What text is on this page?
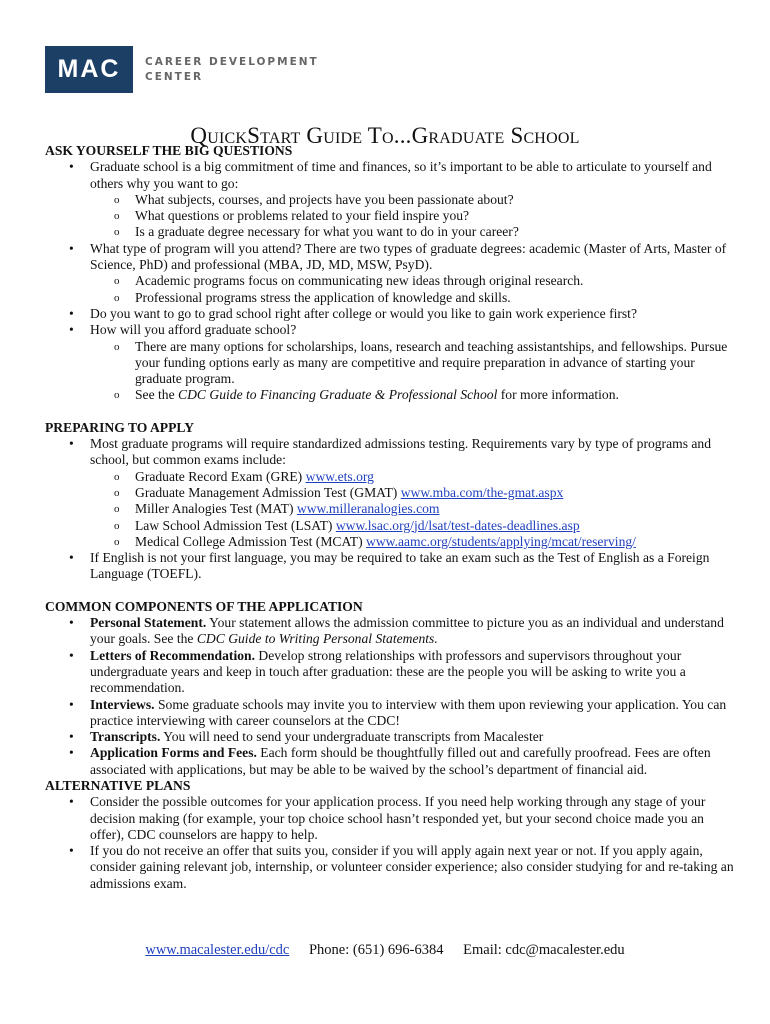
MAC	CAREER DEVELOPMENT
CENTER
QuickStart Guide To...Graduate School

ASK YOURSELF THE BIG QUESTIONS

• Graduate school is a big commitment of time and finances, so it’s important to be able to articulate to yourself and others why you want to go:
o What subjects, courses, and projects have you been passionate about?
o What questions or problems related to your field inspire you?
o Is a graduate degree necessary for what you want to do in your career?
• What type of program will you attend? There are two types of graduate degrees: academic (Master of Arts, Master of Science, PhD) and professional (MBA, JD, MD, MSW, PsyD).
o Academic programs focus on communicating new ideas through original research.
o Professional programs stress the application of knowledge and skills.
• Do you want to go to grad school right after college or would you like to gain work experience first?
• How will you afford graduate school?
o There are many options for scholarships, loans, research and teaching assistantships, and fellowships. Pursue your funding options early as many are competitive and require preparation in advance of starting your graduate program.
o See the CDC Guide to Financing Graduate & Professional School for more information.

PREPARING TO APPLY

• Most graduate programs will require standardized admissions testing. Requirements vary by type of programs and school, but common exams include:
o Graduate Record Exam (GRE) www.ets.org
o Graduate Management Admission Test (GMAT) www.mba.com/the-gmat.aspx
o Miller Analogies Test (MAT) www.milleranalogies.com
o Law School Admission Test (LSAT) www.lsac.org/jd/lsat/test-dates-deadlines.asp
o Medical College Admission Test (MCAT) www.aamc.org/students/applying/mcat/reserving/
• If English is not your first language, you may be required to take an exam such as the Test of English as a Foreign Language (TOEFL).

COMMON COMPONENTS OF THE APPLICATION

• Personal Statement. Your statement allows the admission committee to picture you as an individual and understand your goals. See the CDC Guide to Writing Personal Statements.
• Letters of Recommendation. Develop strong relationships with professors and supervisors throughout your undergraduate years and keep in touch after graduation: these are the people you will be asking to write you a recommendation.
• Interviews. Some graduate schools may invite you to interview with them upon reviewing your application. You can practice interviewing with career counselors at the CDC!
• Transcripts. You will need to send your undergraduate transcripts from Macalester
• Application Forms and Fees. Each form should be thoughtfully filled out and carefully proofread. Fees are often associated with applications, but may be able to be waived by the school’s department of financial aid.

ALTERNATIVE PLANS

• Consider the possible outcomes for your application process. If you need help working through any stage of your decision making (for example, your top choice school hasn’t responded yet, but your second choice made you an offer), CDC counselors are happy to help.
• If you do not receive an offer that suits you, consider if you will apply again next year or not. If you apply again, consider gaining relevant job, internship, or volunteer consider experience; also consider studying for and re-taking an admissions exam.
www.macalester.edu/cdc Phone: (651) 696-6384 Email: cdc@macalester.edu
